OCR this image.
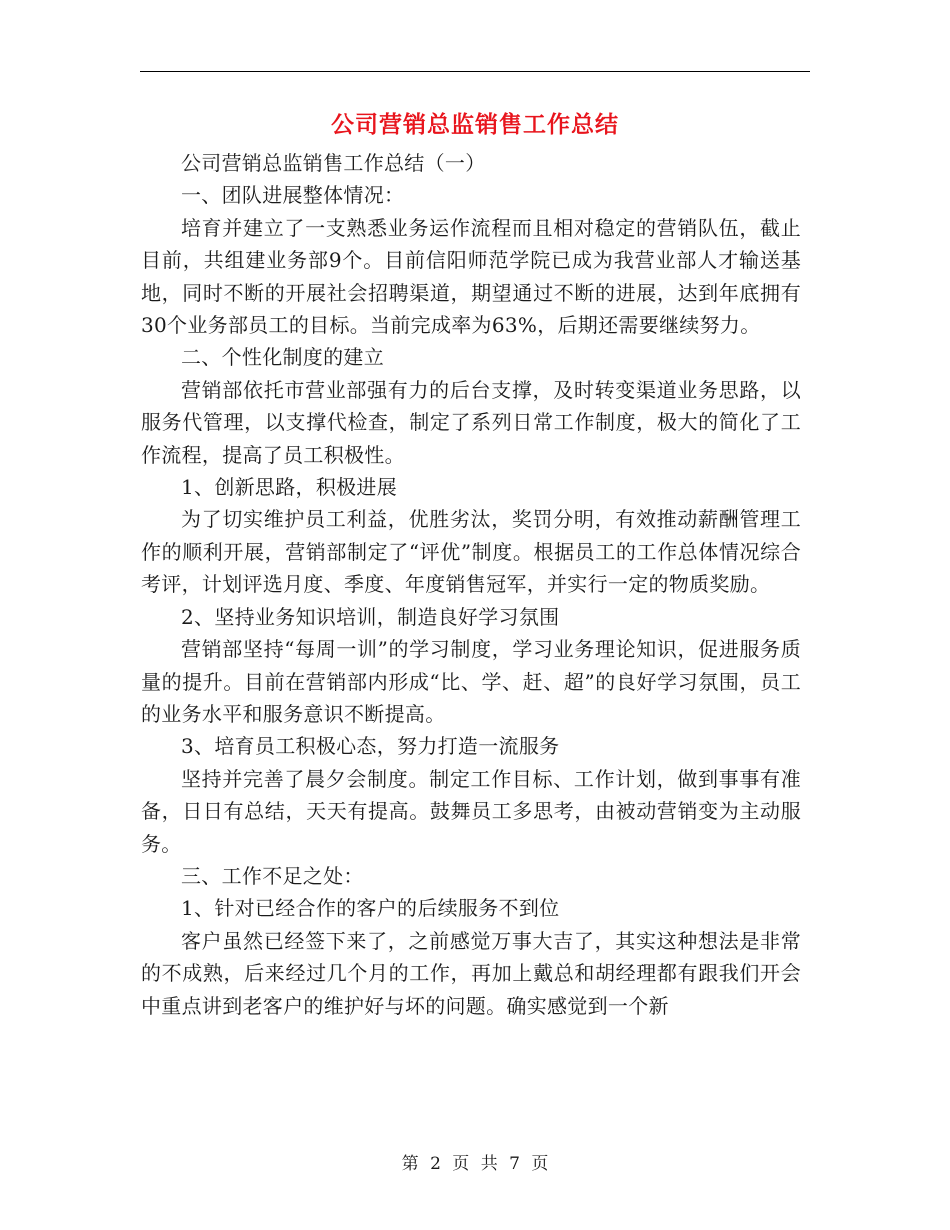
公司营销总监销售工作总结

公司营销总监销售工作总结（一）

一、团队进展整体情况：

培育并建立了一支熟悉业务运作流程而且相对稳定的营销队伍，截止目前，共组建业务部9个。目前信阳师范学院已成为我营业部人才输送基地，同时不断的开展社会招聘渠道，期望通过不断的进展，达到年底拥有30个业务部员工的目标。当前完成率为63%，后期还需要继续努力。

二、个性化制度的建立

营销部依托市营业部强有力的后台支撑，及时转变渠道业务思路，以服务代管理，以支撑代检查，制定了系列日常工作制度，极大的简化了工作流程，提高了员工积极性。

1、创新思路，积极进展

为了切实维护员工利益，优胜劣汰，奖罚分明，有效推动薪酬管理工作的顺利开展，营销部制定了“评优”制度。根据员工的工作总体情况综合考评，计划评选月度、季度、年度销售冠军，并实行一定的物质奖励。

2、坚持业务知识培训，制造良好学习氛围

营销部坚持“每周一训”的学习制度，学习业务理论知识，促进服务质量的提升。目前在营销部内形成“比、学、赶、超”的良好学习氛围，员工的业务水平和服务意识不断提高。

3、培育员工积极心态，努力打造一流服务

坚持并完善了晨夕会制度。制定工作目标、工作计划，做到事事有准备，日日有总结，天天有提高。鼓舞员工多思考，由被动营销变为主动服务。

三、工作不足之处：

1、针对已经合作的客户的后续服务不到位

客户虽然已经签下来了，之前感觉万事大吉了，其实这种想法是非常的不成熟，后来经过几个月的工作，再加上戴总和胡经理都有跟我们开会中重点讲到老客户的维护好与坏的问题。确实感觉到一个新

第 2 页 共 7 页
